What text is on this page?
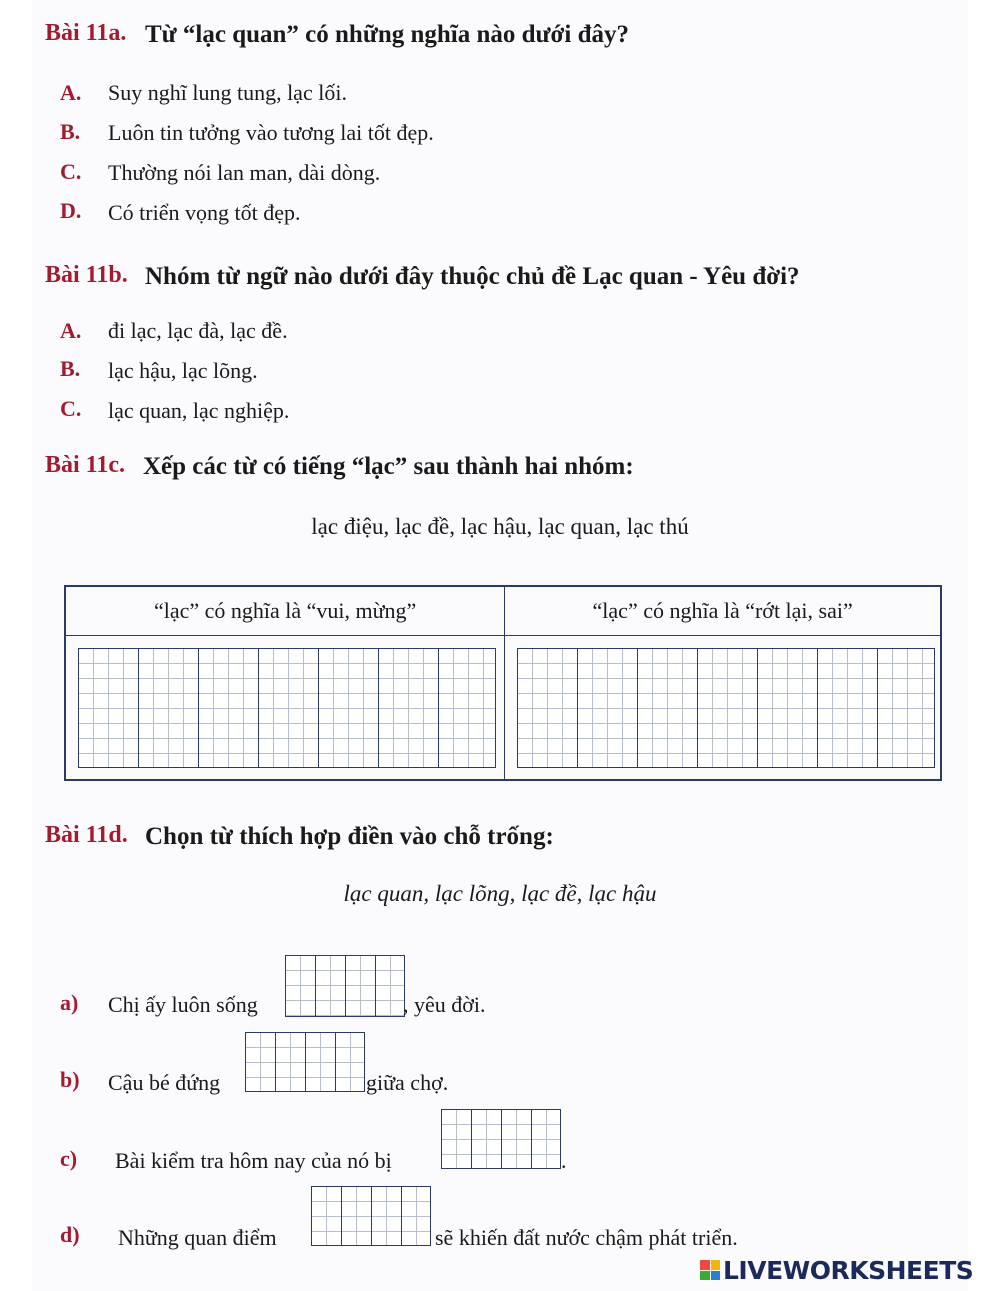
Bài 11a. Từ “lạc quan” có những nghĩa nào dưới đây?
A. Suy nghĩ lung tung, lạc lối.
B. Luôn tin tưởng vào tương lai tốt đẹp.
C. Thường nói lan man, dài dòng.
D. Có triển vọng tốt đẹp.
Bài 11b. Nhóm từ ngữ nào dưới đây thuộc chủ đề Lạc quan - Yêu đời?
A. đi lạc, lạc đà, lạc đề.
B. lạc hậu, lạc lõng.
C. lạc quan, lạc nghiệp.
Bài 11c. Xếp các từ có tiếng “lạc” sau thành hai nhóm:
lạc điệu, lạc đề, lạc hậu, lạc quan, lạc thú
“lạc” có nghĩa là “vui, mừng”	“lạc” có nghĩa là “rớt lại, sai”

Bài 11d. Chọn từ thích hợp điền vào chỗ trống:
lạc quan, lạc lõng, lạc đề, lạc hậu
a) Chị ấy luôn sống	, yêu đời.
b) Cậu bé đứng	giữa chợ.
c) Bài kiểm tra hôm nay của nó bị	.
d) Những quan điểm	sẽ khiến đất nước chậm phát triển.
LIVEWORKSHEETS
